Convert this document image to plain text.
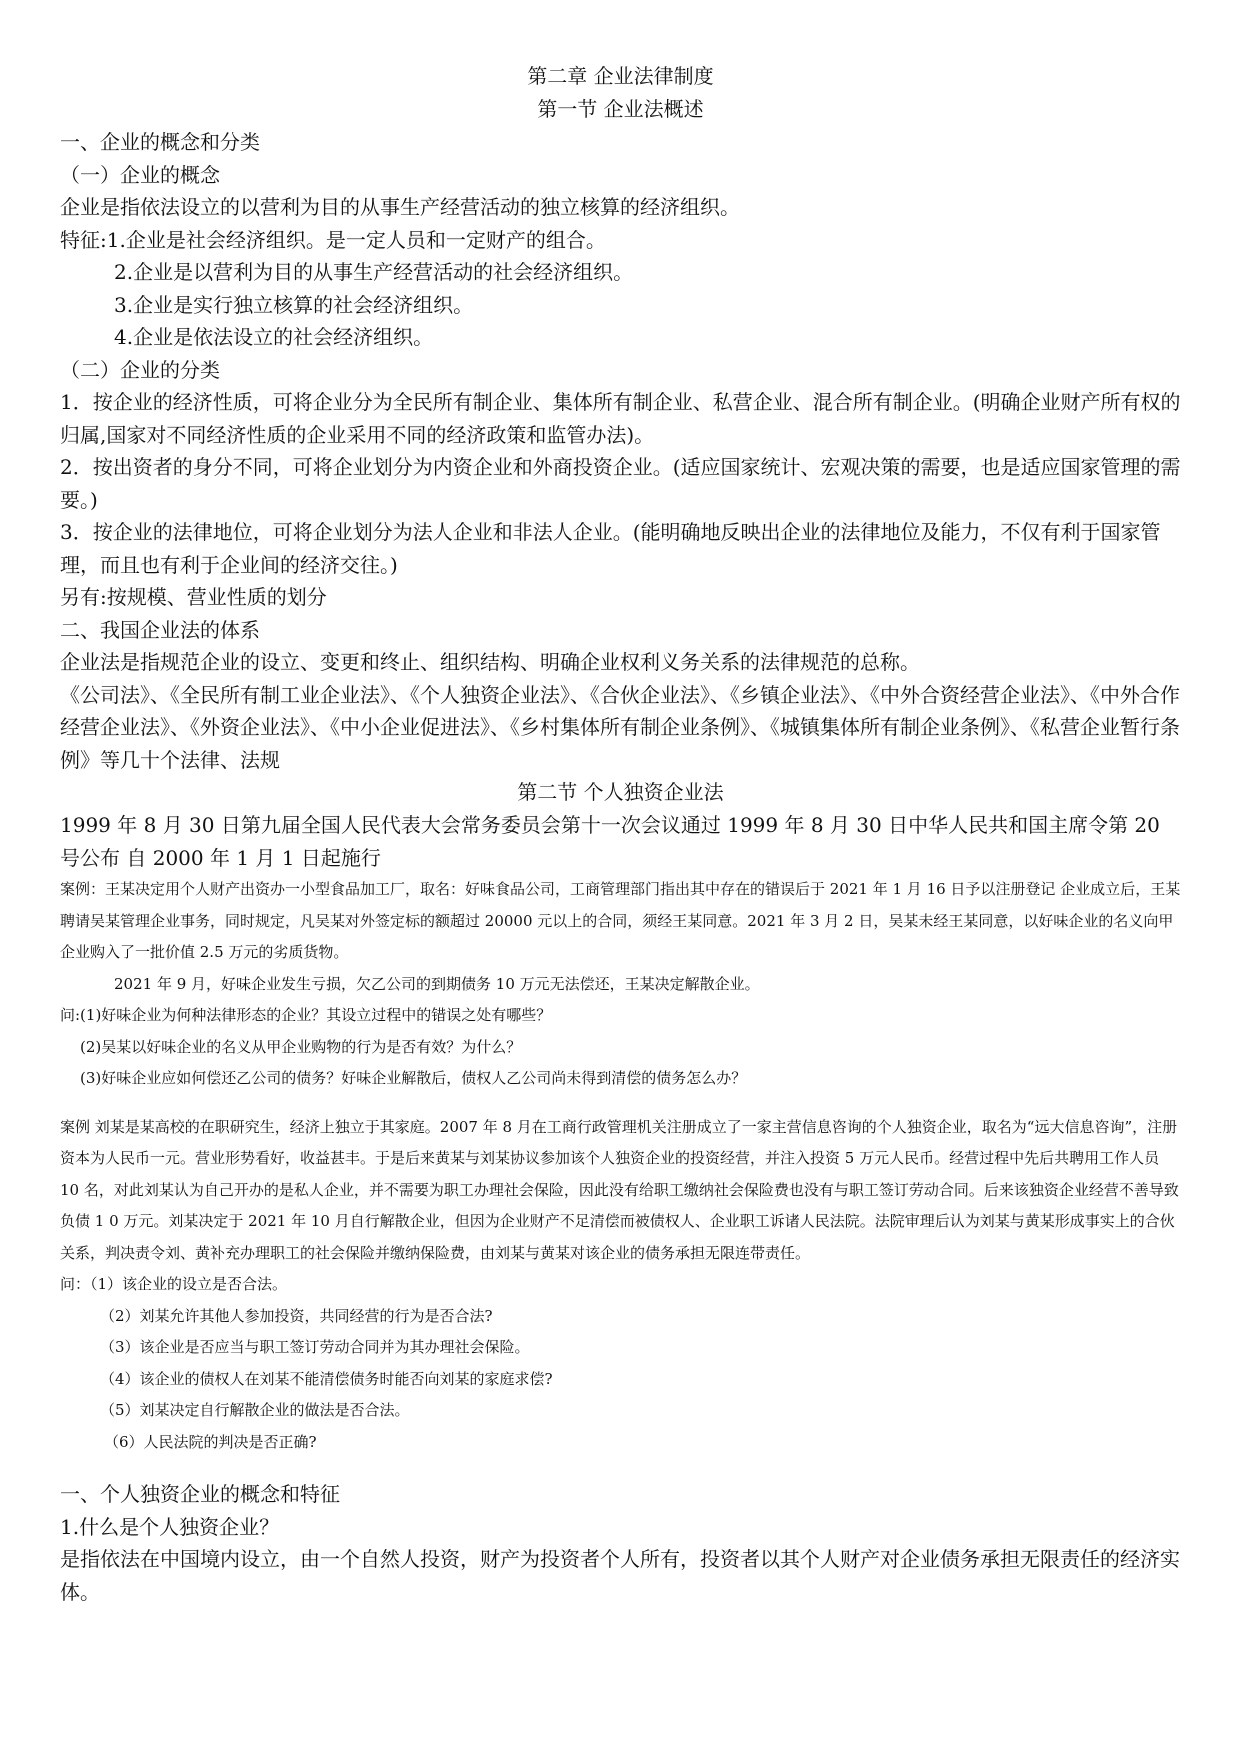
第二章 企业法律制度
第一节 企业法概述

一、企业的概念和分类

（一）企业的概念

企业是指依法设立的以营利为目的从事生产经营活动的独立核算的经济组织。

特征:1.企业是社会经济组织。是一定人员和一定财产的组合。

2.企业是以营利为目的从事生产经营活动的社会经济组织。

3.企业是实行独立核算的社会经济组织。

4.企业是依法设立的社会经济组织。

（二）企业的分类

1．按企业的经济性质，可将企业分为全民所有制企业、集体所有制企业、私营企业、混合所有制企业。(明确企业财产所有权的归属,国家对不同经济性质的企业采用不同的经济政策和监管办法)。

2．按出资者的身分不同，可将企业划分为内资企业和外商投资企业。(适应国家统计、宏观决策的需要，也是适应国家管理的需要。)

3．按企业的法律地位，可将企业划分为法人企业和非法人企业。(能明确地反映出企业的法律地位及能力，不仅有利于国家管理，而且也有利于企业间的经济交往。)

另有:按规模、营业性质的划分

二、我国企业法的体系

企业法是指规范企业的设立、变更和终止、组织结构、明确企业权利义务关系的法律规范的总称。

《公司法》、《全民所有制工业企业法》、《个人独资企业法》、《合伙企业法》、《乡镇企业法》、《中外合资经营企业法》、《中外合作经营企业法》、《外资企业法》、《中小企业促进法》、《乡村集体所有制企业条例》、《城镇集体所有制企业条例》、《私营企业暂行条例》等几十个法律、法规

第二节 个人独资企业法

1999 年 8 月 30 日第九届全国人民代表大会常务委员会第十一次会议通过 1999 年 8 月 30 日中华人民共和国主席令第 20 号公布 自 2000 年 1 月 1 日起施行

案例：王某决定用个人财产出资办一小型食品加工厂，取名：好味食品公司，工商管理部门指出其中存在的错误后于 2021 年 1 月 16 日予以注册登记 企业成立后，王某聘请吴某管理企业事务，同时规定，凡吴某对外签定标的额超过 20000 元以上的合同，须经王某同意。2021 年 3 月 2 日，吴某未经王某同意，以好味企业的名义向甲企业购入了一批价值 2.5 万元的劣质货物。

2021 年 9 月，好味企业发生亏损，欠乙公司的到期债务 10 万元无法偿还，王某决定解散企业。

问:(1)好味企业为何种法律形态的企业？其设立过程中的错误之处有哪些？

(2)吴某以好味企业的名义从甲企业购物的行为是否有效？为什么？

(3)好味企业应如何偿还乙公司的债务？好味企业解散后，债权人乙公司尚未得到清偿的债务怎么办？

案例 刘某是某高校的在职研究生，经济上独立于其家庭。2007 年 8 月在工商行政管理机关注册成立了一家主营信息咨询的个人独资企业，取名为“远大信息咨询”，注册资本为人民币一元。营业形势看好，收益甚丰。于是后来黄某与刘某协议参加该个人独资企业的投资经营，并注入投资 5 万元人民币。经营过程中先后共聘用工作人员 10 名，对此刘某认为自己开办的是私人企业，并不需要为职工办理社会保险，因此没有给职工缴纳社会保险费也没有与职工签订劳动合同。后来该独资企业经营不善导致负债 1 0 万元。刘某决定于 2021 年 10 月自行解散企业，但因为企业财产不足清偿而被债权人、企业职工诉诸人民法院。法院审理后认为刘某与黄某形成事实上的合伙关系，判决责令刘、黄补充办理职工的社会保险并缴纳保险费，由刘某与黄某对该企业的债务承担无限连带责任。

问：（1）该企业的设立是否合法。

（2）刘某允许其他人参加投资，共同经营的行为是否合法?

（3）该企业是否应当与职工签订劳动合同并为其办理社会保险。

（4）该企业的债权人在刘某不能清偿债务时能否向刘某的家庭求偿?

（5）刘某决定自行解散企业的做法是否合法。

（6）人民法院的判决是否正确?

一、个人独资企业的概念和特征

1.什么是个人独资企业？

是指依法在中国境内设立，由一个自然人投资，财产为投资者个人所有，投资者以其个人财产对企业债务承担无限责任的经济实体。
